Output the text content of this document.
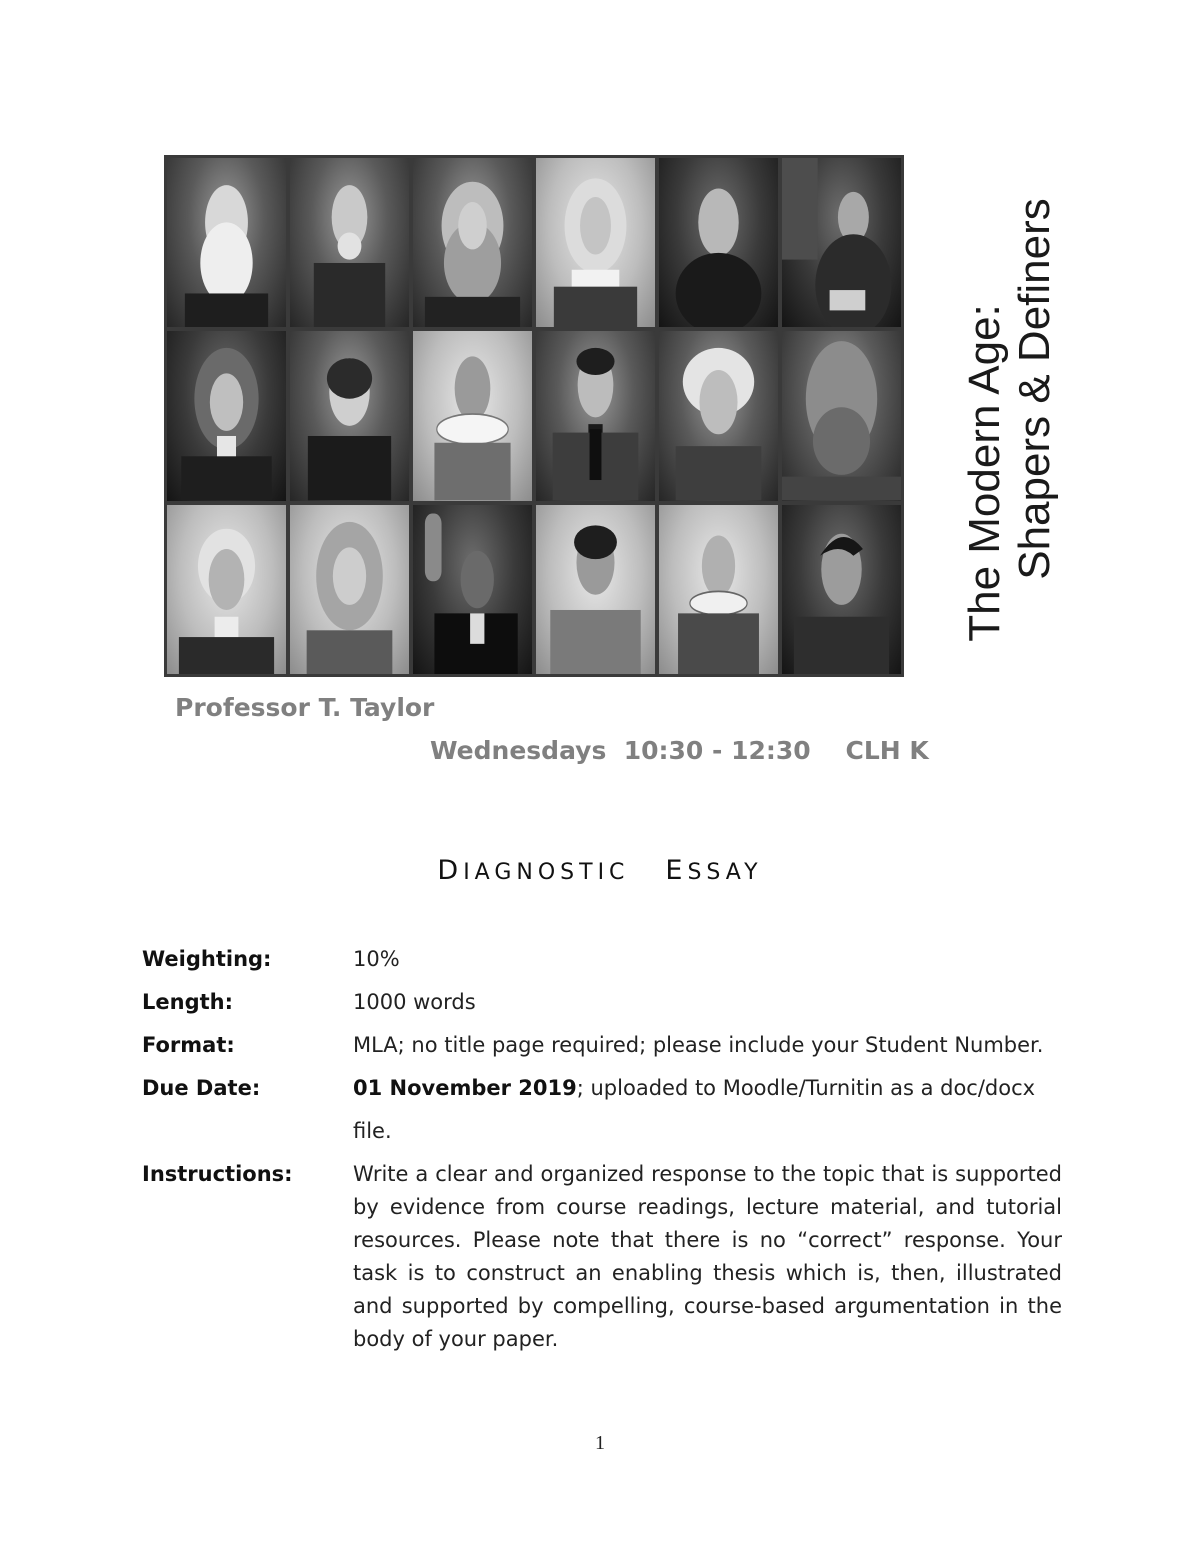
The Modern Age: Shapers & Definers
Professor T. Taylor
Wednesdays  10:30 - 12:30    CLH K
DIAGNOSTIC ESSAY
Weighting:	10%
Length:	1000 words
Format:	MLA; no title page required; please include your Student Number.
Due Date:	01 November 2019; uploaded to Moodle/Turnitin as a doc/docx file.
Instructions:	Write a clear and organized response to the topic that is supported by evidence from course readings, lecture material, and tutorial resources. Please note that there is no “correct” response. Your task is to construct an enabling thesis which is, then, illustrated and supported by compelling, course-based argumentation in the body of your paper.
1
